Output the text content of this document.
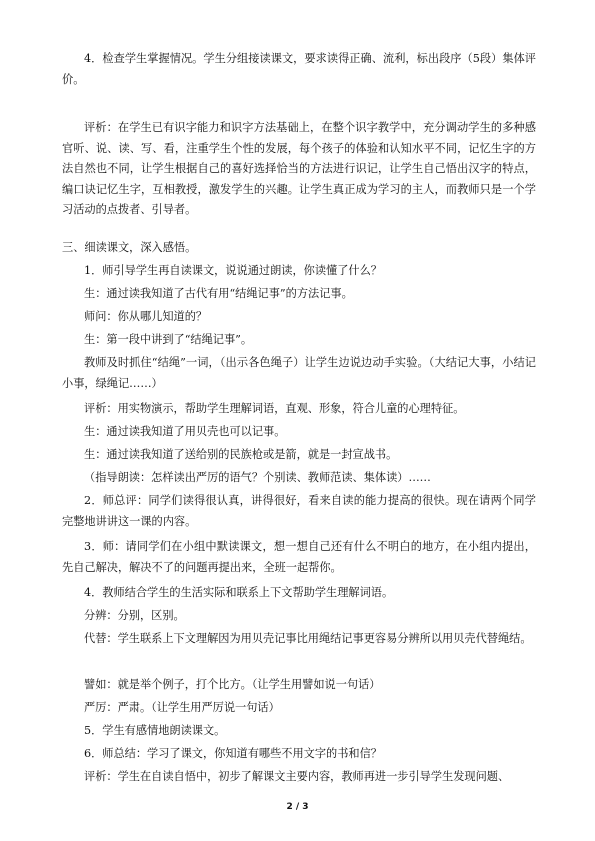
4．检查学生掌握情况。学生分组接读课文，要求读得正确、流利，标出段序（5段）集体评价。

评析：在学生已有识字能力和识字方法基础上，在整个识字教学中，充分调动学生的多种感官听、说、读、写、看，注重学生个性的发展，每个孩子的体验和认知水平不同，记忆生字的方法自然也不同，让学生根据自己的喜好选择恰当的方法进行识记，让学生自己悟出汉字的特点，编口诀记忆生字，互相教授，激发学生的兴趣。让学生真正成为学习的主人，而教师只是一个学习活动的点拨者、引导者。

三、细读课文，深入感悟。

1．师引导学生再自读课文，说说通过朗读，你读懂了什么？

生：通过读我知道了古代有用“结绳记事”的方法记事。

师问：你从哪儿知道的？

生：第一段中讲到了“结绳记事”。

教师及时抓住“结绳”一词，（出示各色绳子）让学生边说边动手实验。（大结记大事，小结记小事，绿绳记……）

评析：用实物演示，帮助学生理解词语，直观、形象，符合儿童的心理特征。

生：通过读我知道了用贝壳也可以记事。

生：通过读我知道了送给别的民族枪或是箭，就是一封宣战书。

（指导朗读：怎样读出严厉的语气？个别读、教师范读、集体读）……

2．师总评：同学们读得很认真，讲得很好，看来自读的能力提高的很快。现在请两个同学完整地讲讲这一课的内容。

3．师：请同学们在小组中默读课文，想一想自己还有什么不明白的地方，在小组内提出，先自己解决，解决不了的问题再提出来，全班一起帮你。

4．教师结合学生的生活实际和联系上下文帮助学生理解词语。

分辨：分别，区别。

代替：学生联系上下文理解因为用贝壳记事比用绳结记事更容易分辨所以用贝壳代替绳结。

譬如：就是举个例子，打个比方。（让学生用譬如说一句话）

严厉：严肃。（让学生用严厉说一句话）

5．学生有感情地朗读课文。

6．师总结：学习了课文，你知道有哪些不用文字的书和信？

评析：学生在自读自悟中，初步了解课文主要内容，教师再进一步引导学生发现问题、

2 / 3
